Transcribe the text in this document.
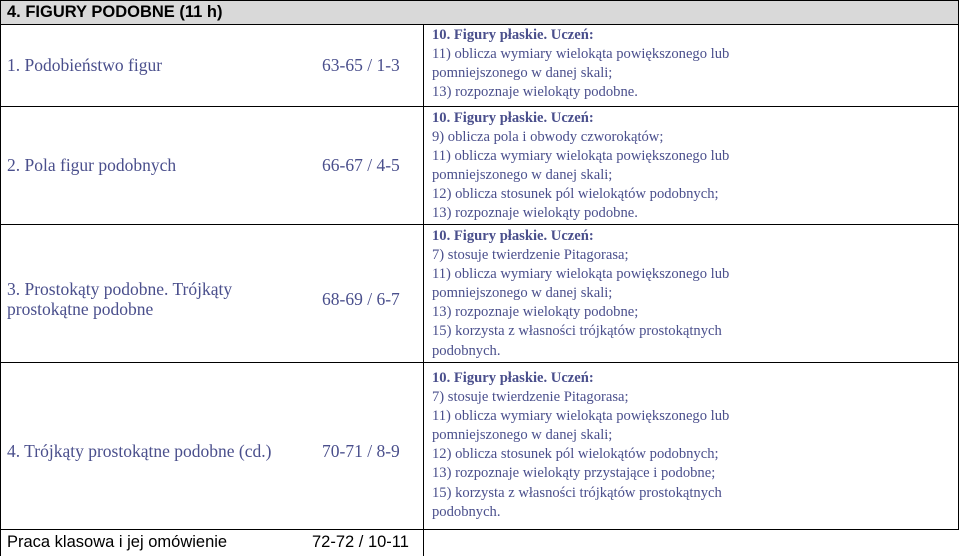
4. FIGURY PODOBNE (11 h)
1. Podobieństwo figur	63-65 / 1-3
10. Figury płaskie. Uczeń:
11) oblicza wymiary wielokąta powiększonego lub
pomniejszonego w danej skali;
13) rozpoznaje wielokąty podobne.
2. Pola figur podobnych	66-67 / 4-5
10. Figury płaskie. Uczeń:
9) oblicza pola i obwody czworokątów;
11) oblicza wymiary wielokąta powiększonego lub
pomniejszonego w danej skali;
12) oblicza stosunek pól wielokątów podobnych;
13) rozpoznaje wielokąty podobne.
3. Prostokąty podobne. Trójkąty
prostokątne podobne	68-69 / 6-7
10. Figury płaskie. Uczeń:
7) stosuje twierdzenie Pitagorasa;
11) oblicza wymiary wielokąta powiększonego lub
pomniejszonego w danej skali;
13) rozpoznaje wielokąty podobne;
15) korzysta z własności trójkątów prostokątnych
podobnych.
4. Trójkąty prostokątne podobne (cd.)	70-71 / 8-9
10. Figury płaskie. Uczeń:
7) stosuje twierdzenie Pitagorasa;
11) oblicza wymiary wielokąta powiększonego lub
pomniejszonego w danej skali;
12) oblicza stosunek pól wielokątów podobnych;
13) rozpoznaje wielokąty przystające i podobne;
15) korzysta z własności trójkątów prostokątnych
podobnych.
Praca klasowa i jej omówienie	72-72 / 10-11
